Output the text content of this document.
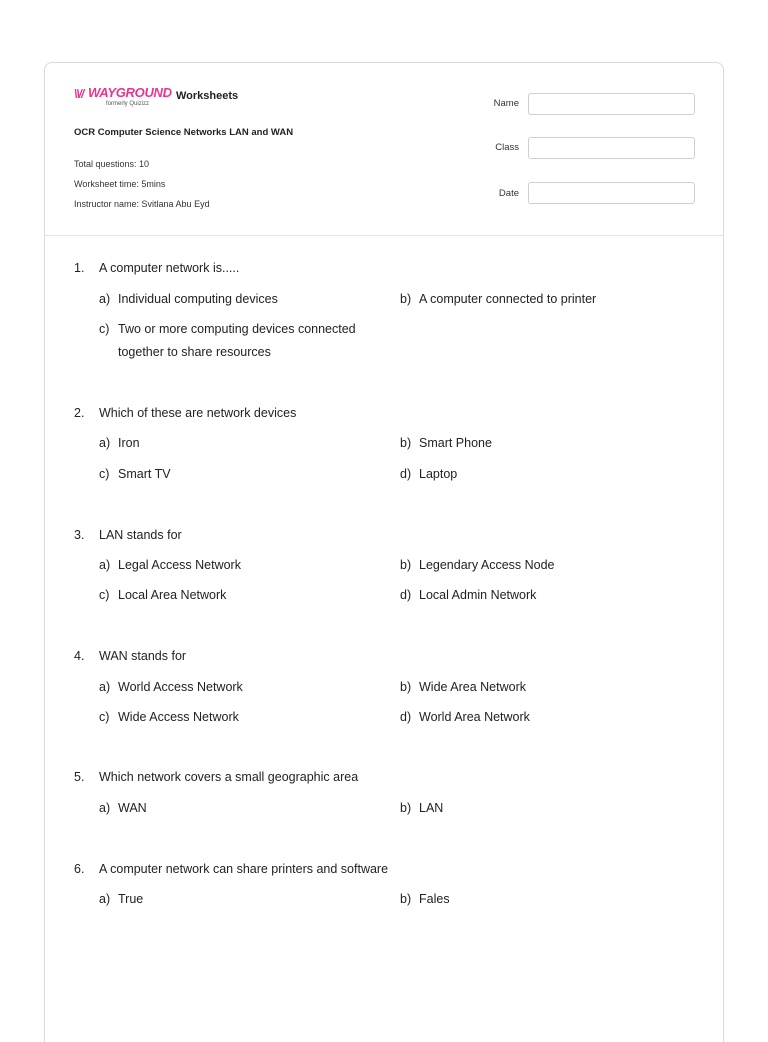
\\// WAYGROUND
formerly Quizizz
Worksheets
OCR Computer Science Networks LAN and WAN
Total questions: 10
Worksheet time: 5mins
Instructor name: Svitlana Abu Eyd
Name
Class
Date
1. A computer network is.....
a) Individual computing devices	b) A computer connected to printer
c) Two or more computing devices connected together to share resources
2. Which of these are network devices
a) Iron	b) Smart Phone
c) Smart TV	d) Laptop
3. LAN stands for
a) Legal Access Network	b) Legendary Access Node
c) Local Area Network	d) Local Admin Network
4. WAN stands for
a) World Access Network	b) Wide Area Network
c) Wide Access Network	d) World Area Network
5. Which network covers a small geographic area
a) WAN	b) LAN
6. A computer network can share printers and software
a) True	b) Fales
